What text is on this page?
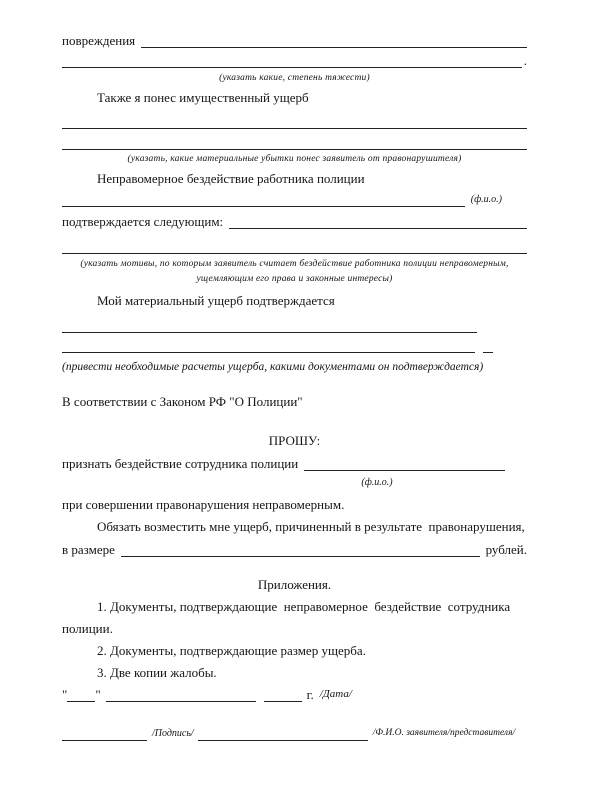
повреждения
.
(указать какие, степень тяжести)
Также я понес имущественный ущерб
(указать, какие материальные убытки понес заявитель от правонарушителя)
Неправомерное бездействие работника полиции
(ф.и.о.)
подтверждается следующим:
(указать мотивы, по которым заявитель считает бездействие работника полиции неправомерным,
ущемляющим его права и законные интересы)
Мой материальный ущерб подтверждается
(привести необходимые расчеты ущерба, какими документами он подтверждается)
В соответствии с Законом РФ "О Полиции"
ПРОШУ:
признать бездействие сотрудника полиции
(ф.и.о.)
при совершении правонарушения неправомерным.
Обязать возместить мне ущерб, причиненный в результате  правонарушения,
в размере	рублей.
Приложения.
1. Документы, подтверждающие  неправомерное  бездействие  сотрудника
полиции.
2. Документы, подтверждающие размер ущерба.
3. Две копии жалобы.
" "	г. /Дата/
/Подпись/	/Ф.И.О. заявителя/представителя/
